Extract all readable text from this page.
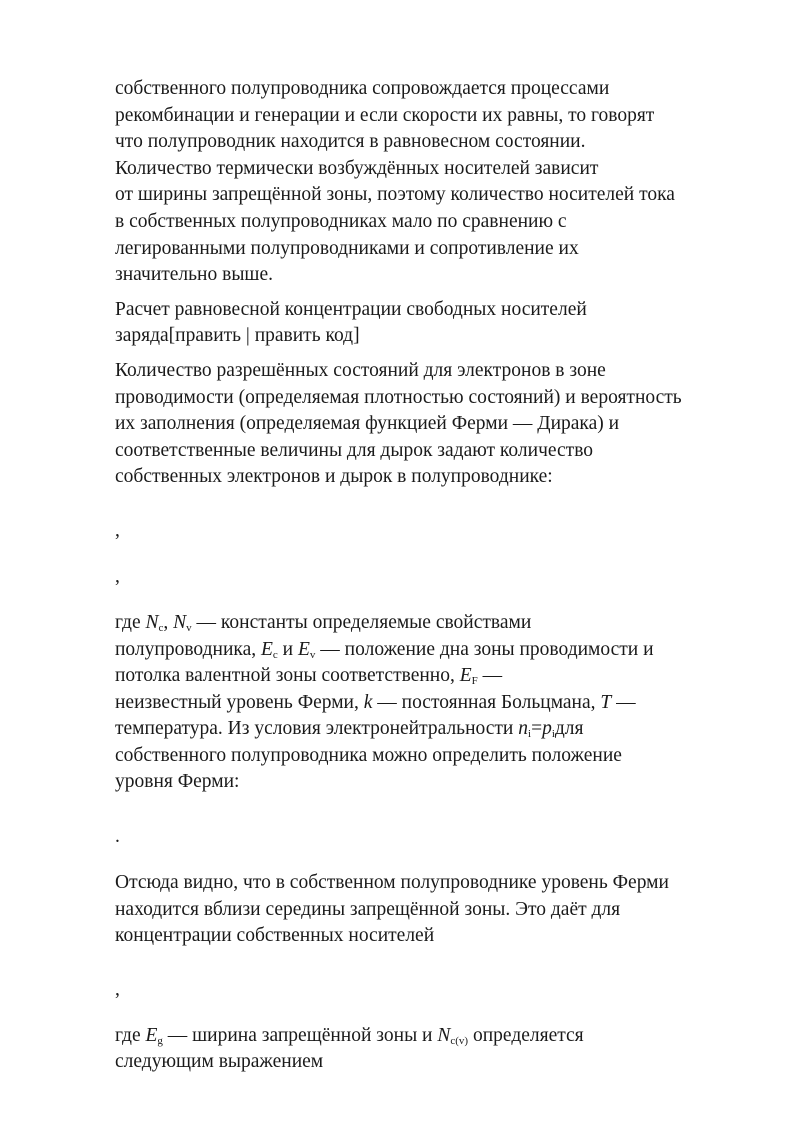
собственного полупроводника сопровождается процессами
рекомбинации и генерации и если скорости их равны, то говорят
что полупроводник находится в равновесном состоянии.
Количество термически возбуждённых носителей зависит
от ширины запрещённой зоны, поэтому количество носителей тока
в собственных полупроводниках мало по сравнению с
легированными полупроводниками и сопротивление их
значительно выше.
Расчет равновесной концентрации свободных носителей
заряда[править | править код]
Количество разрешённых состояний для электронов в зоне
проводимости (определяемая плотностью состояний) и вероятность
их заполнения (определяемая функцией Ферми — Дирака) и
соответственные величины для дырок задают количество
собственных электронов и дырок в полупроводнике:

,

,

где $N_c$, $N_v$ — константы определяемые свойствами
полупроводника, $E_c$ и $E_v$ — положение дна зоны проводимости и
потолка валентной зоны соответственно, $E_F$ —
неизвестный уровень Ферми, k — постоянная Больцмана, T —
температура. Из условия электронейтральности $n_i=p_iдля$
собственного полупроводника можно определить положение
уровня Ферми:

.

Отсюда видно, что в собственном полупроводнике уровень Ферми
находится вблизи середины запрещённой зоны. Это даёт для
концентрации собственных носителей

,

где $E_g$ — ширина запрещённой зоны и $N_{c(v)}$ определяется
следующим выражением
